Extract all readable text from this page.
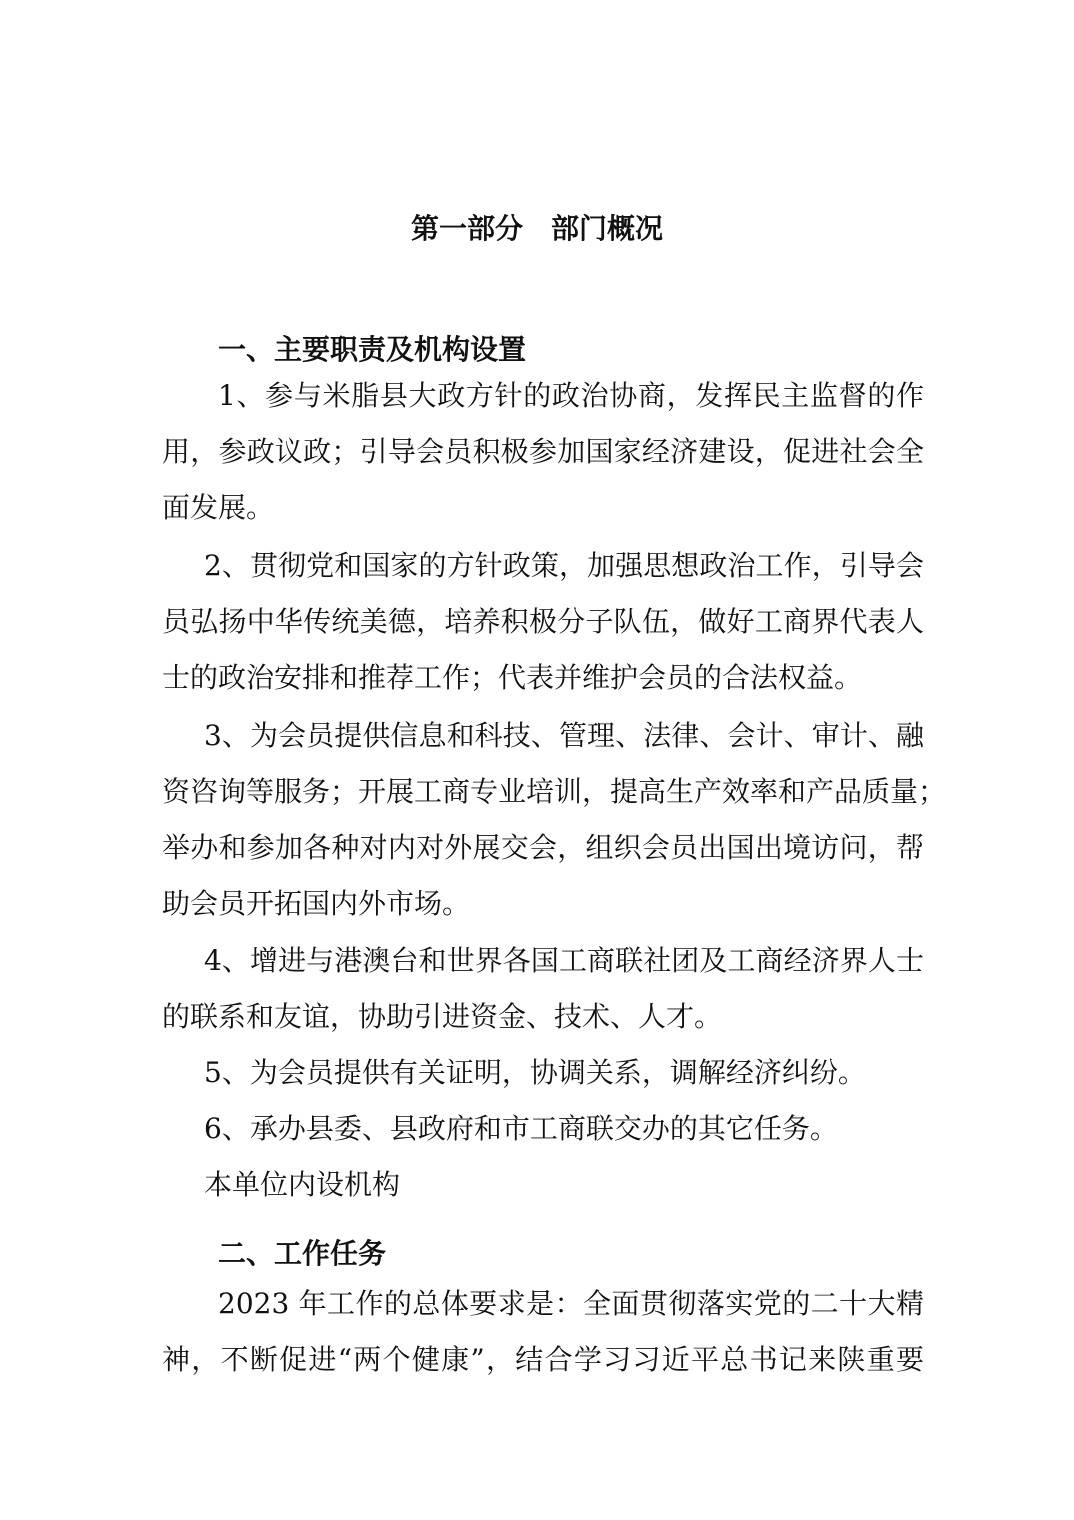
第一部分　部门概况
一、主要职责及机构设置
1、参与米脂县大政方针的政治协商，发挥民主监督的作
用，参政议政；引导会员积极参加国家经济建设，促进社会全
面发展。
2、贯彻党和国家的方针政策，加强思想政治工作，引导会
员弘扬中华传统美德，培养积极分子队伍，做好工商界代表人
士的政治安排和推荐工作；代表并维护会员的合法权益。
3、为会员提供信息和科技、管理、法律、会计、审计、融
资咨询等服务；开展工商专业培训，提高生产效率和产品质量；
举办和参加各种对内对外展交会，组织会员出国出境访问，帮
助会员开拓国内外市场。
4、增进与港澳台和世界各国工商联社团及工商经济界人士
的联系和友谊，协助引进资金、技术、人才。
5、为会员提供有关证明，协调关系，调解经济纠纷。
6、承办县委、县政府和市工商联交办的其它任务。
本单位内设机构
二、工作任务
2023 年工作的总体要求是：全面贯彻落实党的二十大精
神，不断促进“两个健康”，结合学习习近平总书记来陕重要
